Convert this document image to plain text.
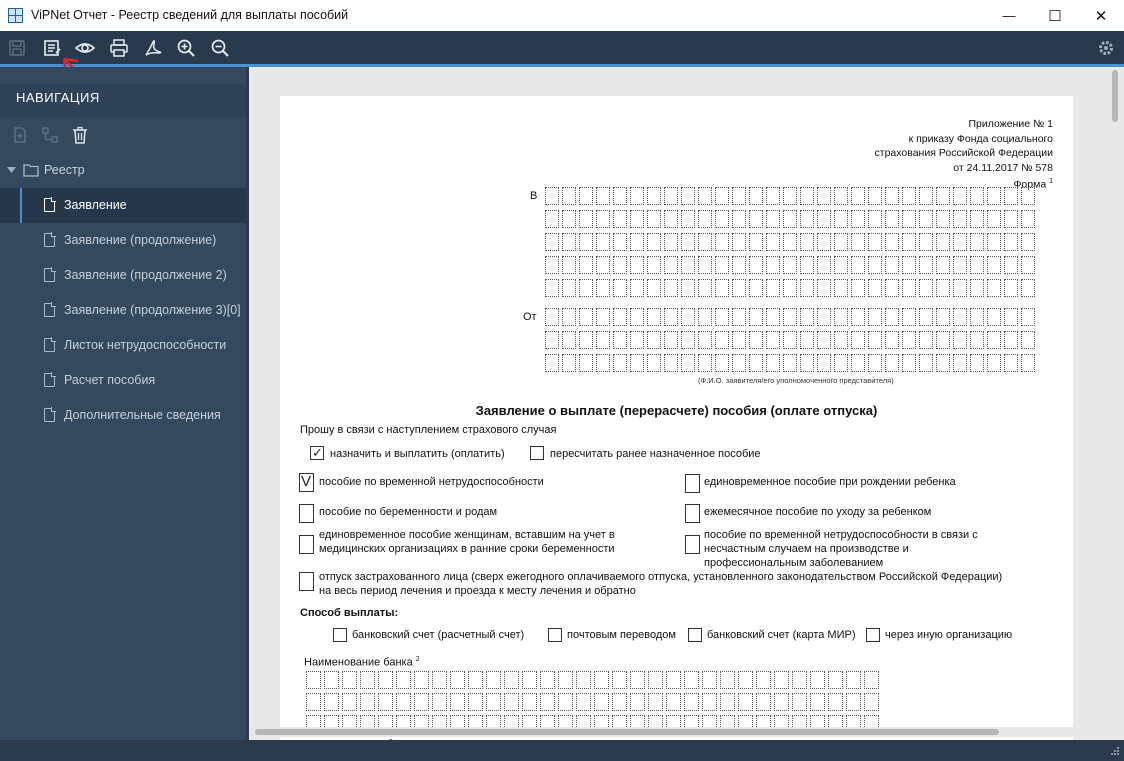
ViPNet Отчет - Реестр сведений для выплаты пособий	— ☐ ✕
НАВИГАЦИЯ
Реестр
Заявление
Заявление (продолжение)
Заявление (продолжение 2)
Заявление (продолжение 3)[0]
Листок нетрудоспособности
Расчет пособия
Дополнительные сведения
Приложение № 1
к приказу Фонда социального
страхования Российской Федерации
от 24.11.2017 № 578
Форма $^1$
В
От
(Ф.И.О. заявителя/его уполномоченного представителя)
Заявление о выплате (перерасчете) пособия (оплате отпуска)
Прошу в связи с наступлением страхового случая
✓ назначить и выплатить (оплатить)	пересчитать ранее назначенное пособие
V пособие по временной нетрудоспособности	единовременное пособие при рождении ребенка
пособие по беременности и родам	ежемесячное пособие по уходу за ребенком
единовременное пособие женщинам, вставшим на учет в
медицинских организациях в ранние сроки беременности
пособие по временной нетрудоспособности в связи с
несчастным случаем на производстве и
профессиональным заболеванием
отпуск застрахованного лица (сверх ежегодного оплачиваемого отпуска, установленного законодательством Российской Федерации)
на весь период лечения и проезда к месту лечения и обратно
Способ выплаты:
банковский счет (расчетный счет)	почтовым переводом	банковский счет (карта МИР)	через иную организацию
Наименование банка $^2$
